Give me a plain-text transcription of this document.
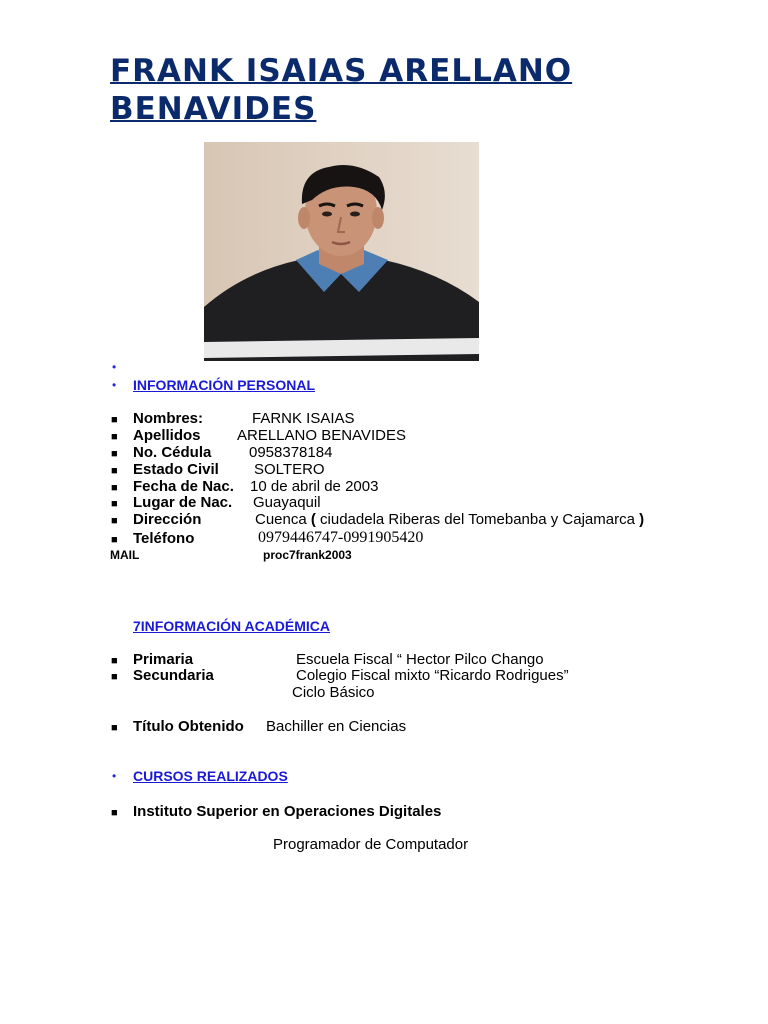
FRANK ISAIAS ARELLANO
BENAVIDES
•
• INFORMACIÓN PERSONAL
■ Nombres:	FARNK ISAIAS
■ Apellidos ARELLANO BENAVIDES
■ No. Cédula	0958378184
■ Estado Civil SOLTERO
■ Fecha de Nac. 10 de abril de 2003
■ Lugar de Nac. Guayaquil
■ Dirección	Cuenca ( ciudadela Riberas del Tomebanba y Cajamarca )
■ Teléfono	0979446747-0991905420
MAIL	proc7frank2003
7INFORMACIÓN ACADÉMICA
■ Primaria	Escuela Fiscal “ Hector Pilco Chango
■ Secundaria	Colegio Fiscal mixto “Ricardo Rodrigues”
Ciclo Básico
■ Título Obtenido Bachiller en Ciencias
• CURSOS REALIZADOS
■ Instituto Superior en Operaciones Digitales
Programador de Computador
